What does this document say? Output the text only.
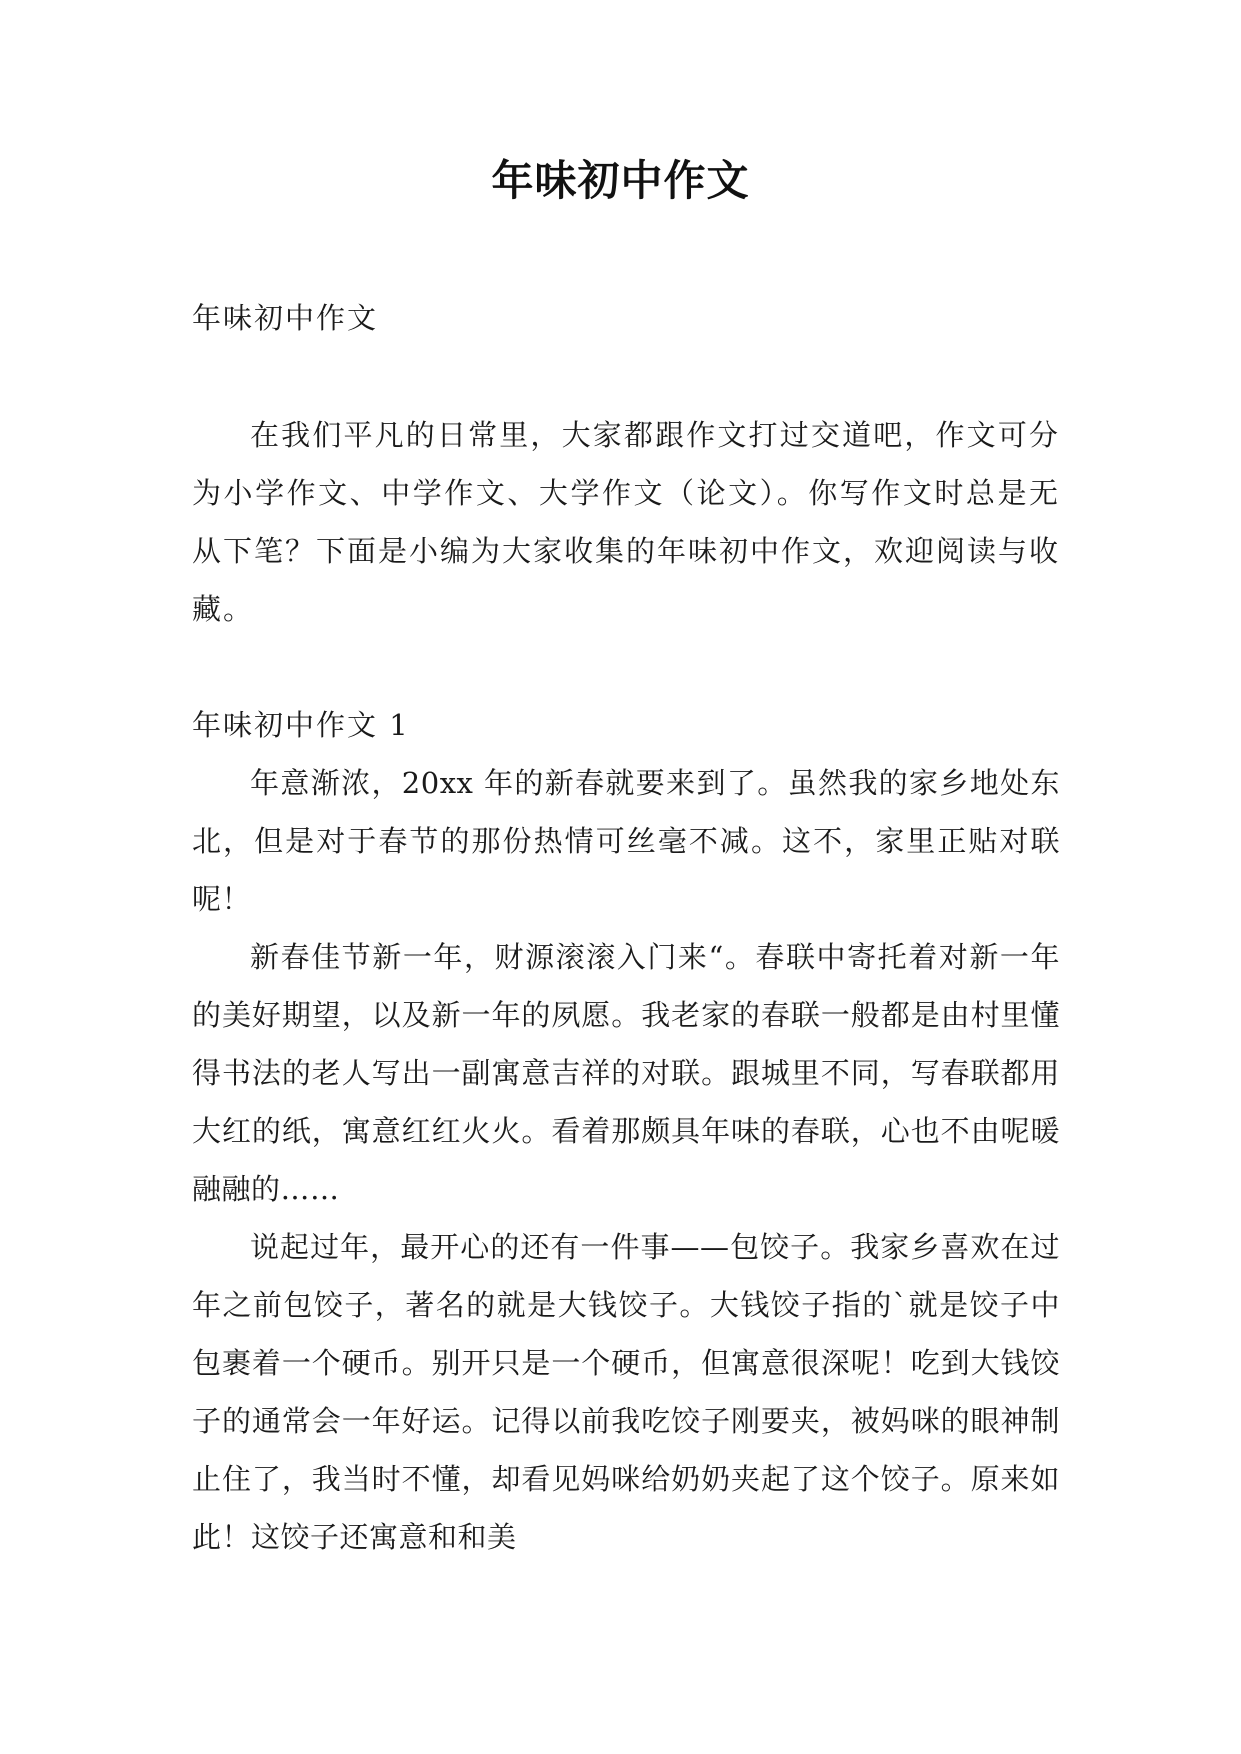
年味初中作文
年味初中作文

在我们平凡的日常里，大家都跟作文打过交道吧，作文可分为小学作文、中学作文、大学作文（论文）。你写作文时总是无从下笔？下面是小编为大家收集的年味初中作文，欢迎阅读与收藏。

年味初中作文 1

年意渐浓，20xx 年的新春就要来到了。虽然我的家乡地处东北，但是对于春节的那份热情可丝毫不减。这不，家里正贴对联呢！

新春佳节新一年，财源滚滚入门来“。春联中寄托着对新一年的美好期望，以及新一年的夙愿。我老家的春联一般都是由村里懂得书法的老人写出一副寓意吉祥的对联。跟城里不同，写春联都用大红的纸，寓意红红火火。看着那颇具年味的春联，心也不由呢暖融融的……

说起过年，最开心的还有一件事——包饺子。我家乡喜欢在过年之前包饺子，著名的就是大钱饺子。大钱饺子指的`就是饺子中包裹着一个硬币。别开只是一个硬币，但寓意很深呢！吃到大钱饺子的通常会一年好运。记得以前我吃饺子刚要夹，被妈咪的眼神制止住了，我当时不懂，却看见妈咪给奶奶夹起了这个饺子。原来如此！这饺子还寓意和和美
